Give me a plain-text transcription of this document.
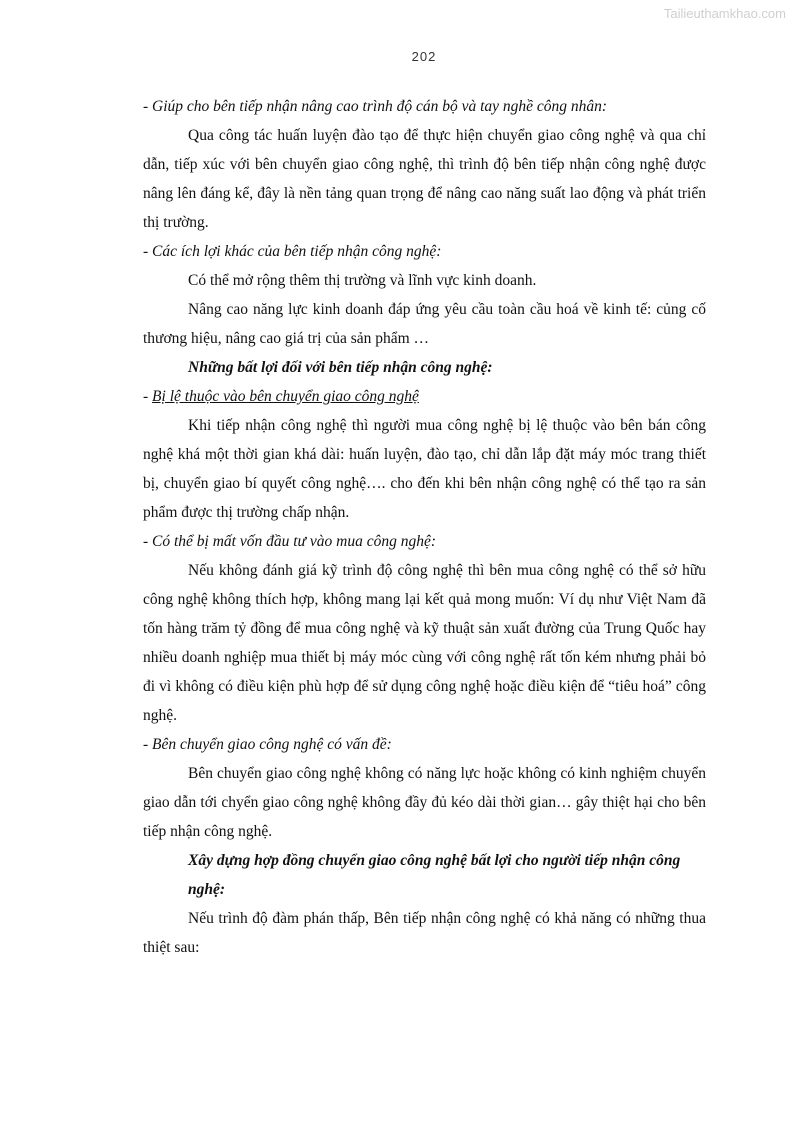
Tailieuthamkhao.com
202

- Giúp cho bên tiếp nhận nâng cao trình độ cán bộ và tay nghề công nhân:

Qua công tác huấn luyện đào tạo để thực hiện chuyển giao công nghệ và qua chỉ dẫn, tiếp xúc với bên chuyển giao công nghệ, thì trình độ bên tiếp nhận công nghệ được nâng lên đáng kể, đây là nền tảng quan trọng để nâng cao năng suất lao động và phát triển thị trường.

- Các ích lợi khác của bên tiếp nhận công nghệ:

Có thể mở rộng thêm thị trường và lĩnh vực kinh doanh.

Nâng cao năng lực kinh doanh đáp ứng yêu cầu toàn cầu hoá về kinh tế: củng cố thương hiệu, nâng cao giá trị của sản phẩm …

Những bất lợi đối với bên tiếp nhận công nghệ:

- Bị lệ thuộc vào bên chuyển giao công nghệ

Khi tiếp nhận công nghệ thì người mua công nghệ bị lệ thuộc vào bên bán công nghệ khá một thời gian khá dài: huấn luyện, đào tạo, chỉ dẫn lắp đặt máy móc trang thiết bị, chuyển giao bí quyết công nghệ…. cho đến khi bên nhận công nghệ có thể tạo ra sản phẩm được thị trường chấp nhận.

- Có thể bị mất vốn đầu tư vào mua công nghệ:

Nếu không đánh giá kỹ trình độ công nghệ thì bên mua công nghệ có thể sở hữu công nghệ không thích hợp, không mang lại kết quả mong muốn: Ví dụ như Việt Nam đã tốn hàng trăm tỷ đồng để mua công nghệ và kỹ thuật sản xuất đường của Trung Quốc hay nhiều doanh nghiệp mua thiết bị máy móc cùng với công nghệ rất tốn kém nhưng phải bỏ đi vì không có điều kiện phù hợp để sử dụng công nghệ hoặc điều kiện để “tiêu hoá” công nghệ.

- Bên chuyển giao công nghệ có vấn đề:

Bên chuyển giao công nghệ không có năng lực hoặc không có kinh nghiệm chuyển giao dẫn tới chyển giao công nghệ không đầy đủ kéo dài thời gian… gây thiệt hại cho bên tiếp nhận công nghệ.

Xây dựng hợp đồng chuyển giao công nghệ bất lợi cho người tiếp nhận công nghệ:

Nếu trình độ đàm phán thấp, Bên tiếp nhận công nghệ có khả năng có những thua thiệt sau:
